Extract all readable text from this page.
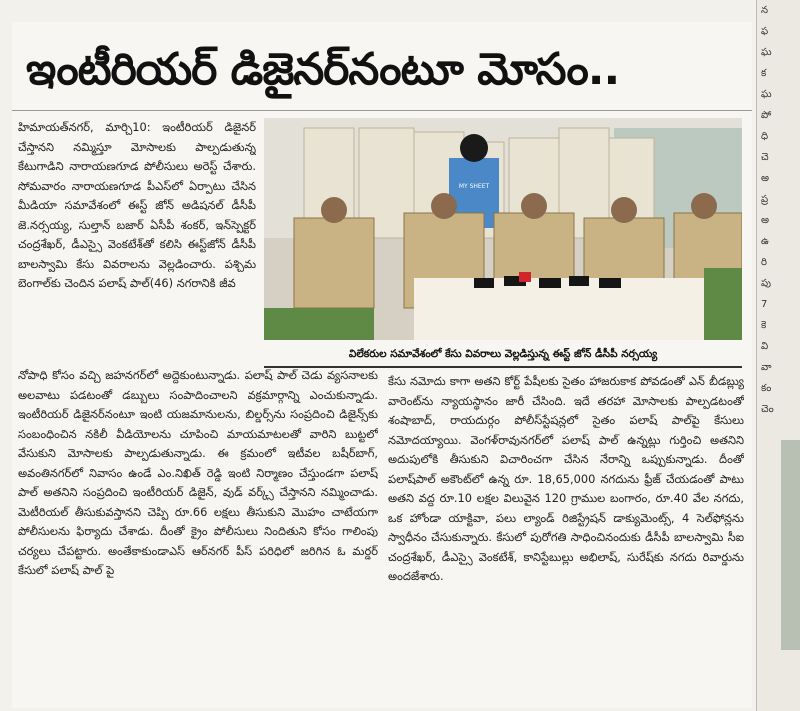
ఇంటీరియర్ డిజైనర్‌నంటూ మోసం..

హిమాయత్‌నగర్, మార్చి10: ఇంటీరియర్ డిజైనర్ చేస్తానని నమ్మిస్తూ మోసాలకు పాల్పడుతున్న కేటుగాడిని నారాయణగూడ పోలీసులు అరెస్ట్ చేశారు. సోమవారం నారాయణగూడ పీఎస్‌లో ఏర్పాటు చేసిన మీడియా సమావేశంలో ఈస్ట్ జోన్ అడిషనల్ డీసీపీ జె.నర్సయ్య, సుల్తాన్ బజార్ ఏసీపీ శంకర్, ఇన్‌స్పెక్టర్ చంద్రశేఖర్, డీఎస్సై వెంకటేశ్‌తో కలిసి ఈస్ట్‌జోన్ డీసీపీ బాలస్వామి కేసు వివరాలను వెల్లడించారు. పశ్చిమ బెంగాల్‌కు చెందిన పలాష్ పాల్(46) నగరానికి జీవ

MY SHEET
విలేకరుల సమావేశంలో కేసు వివరాలు వెల్లడిస్తున్న ఈస్ట్ జోన్ డీసీపీ నర్సయ్య

నోపాధి కోసం వచ్చి జహనగర్‌లో అద్దెకుంటున్నాడు. పలాష్ పాల్ చెడు వ్యసనాలకు అలవాటు పడటంతో డబ్బులు సంపాదించాలని వక్రమార్గాన్ని ఎంచుకున్నాడు. ఇంటీరియర్ డిజైనర్‌నంటూ ఇంటి యజమానులను, బిల్డర్స్‌ను సంప్రదించి డిజైన్స్‌కు సంబంధించిన నకిలీ వీడియోలను చూపించి మాయమాటలతో వారిని బుట్టలో వేసుకుని మోసాలకు పాల్పడుతున్నాడు. ఈ క్రమంలో ఇటీవల బషీర్‌బాగ్, అవంతినగర్‌లో నివాసం ఉండే ఎం.నిఖిత్ రెడ్డి ఇంటి నిర్మాణం చేస్తుండగా పలాష్ పాల్ అతనిని సంప్రదించి ఇంటీరియర్ డిజైన్, వుడ్ వర్క్స్ చేస్తానని నమ్మించాడు. మెటీరియల్ తీసుకువస్తానని చెప్పి రూ.66 లక్షలు తీసుకుని మొహం చాటేయగా పోలీసులను ఫిర్యాదు చేశాడు. దీంతో క్రైం పోలీసులు నిందితుని కోసం గాలింపు చర్యలు చేపట్టారు. అంతేకాకుండాఎస్ ఆర్‌నగర్ పీస్ పరిధిలో జరిగిన ఓ మర్డర్ కేసులో పలాష్ పాల్ పై

కేసు నమోదు కాగా అతని కోర్ట్ పేషీలకు సైతం హాజరుకాక పోవడంతో ఎన్ బీడబ్ల్యు వారెంట్‌ను న్యాయస్థానం జారీ చేసింది. ఇదే తరహా మోసాలకు పాల్పడటంతో శంషాబాద్, రాయదుర్గం పోలీస్‌స్టేషన్లలో సైతం పలాష్ పాల్‌పై కేసులు నమోదయ్యాయి. వెంగళ్‌రావునగర్‌లో పలాష్ పాల్ ఉన్నట్లు గుర్తించి అతనిని అదుపులోకి తీసుకుని విచారించగా చేసిన నేరాన్ని ఒప్పుకున్నాడు. దీంతో పలాష్‌పాల్ అకౌంట్‌లో ఉన్న రూ. 18,65,000 నగదును ఫ్రీజ్ చేయడంతో పాటు అతని వద్ద రూ.10 లక్షల విలువైన 120 గ్రాముల బంగారం, రూ.40 వేల నగదు, ఒక హోండా యాక్టివా, పలు ల్యాండ్ రిజిస్ట్రేషన్ డాక్యుమెంట్స్, 4 సెల్‌ఫోన్లను స్వాధీనం చేసుకున్నారు. కేసులో పురోగతి సాధించినందుకు డీసీపీ బాలస్వామి సీఐ చంద్రశేఖర్, డీఎస్సై వెంకటేశ్, కానిస్టేబుల్లు అభిలాష్, సురేష్‌కు నగదు రివార్డును అందజేశారు.

న
ఫ
ఘ
క
ఘ
పో
ధి
చె
అ
ప్ర
అ
ఉ
రి
పు
7
కె
వి
వా
కం
చెం
